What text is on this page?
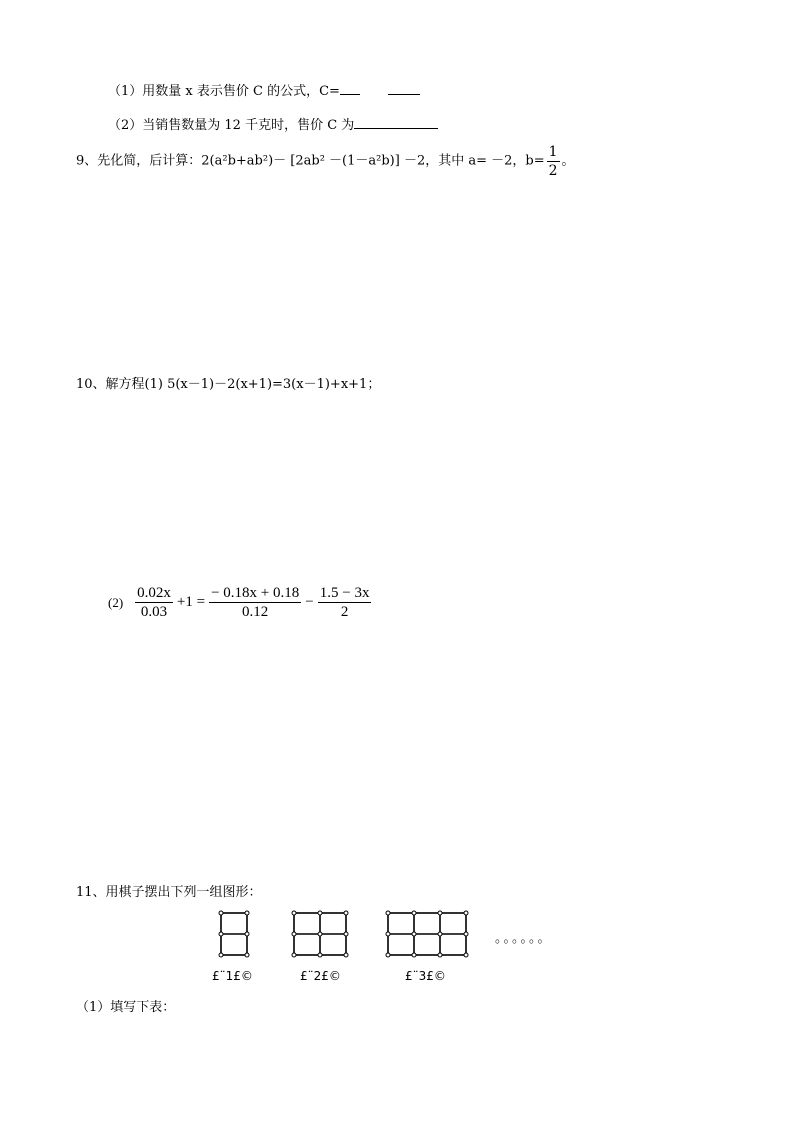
（1）用数量 x 表示售价 C 的公式，C=
（2）当销售数量为 12 千克时，售价 C 为
9、先化简，后计算：2(a²b+ab²)－ [2ab² －(1－a²b)] －2，其中 a= －2，$b= \frac{1}{2}$ 。
10、解方程(1) 5(x－1)－2(x+1)=3(x－1)+x+1；
$(2) \frac{0.02x}{0.03} +1 = \frac{- 0.18x + 0.18}{0.12} - \frac{1.5 - 3x}{2}$
11、用棋子摆出下列一组图形：
。。。。。。
£¨1£©	£¨2£©	£¨3£©
（1）填写下表：
